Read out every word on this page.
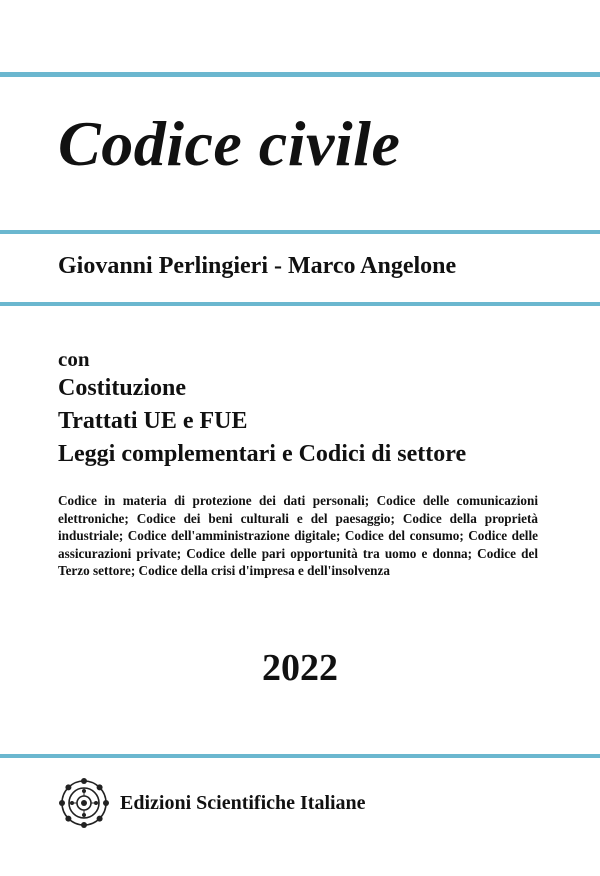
Codice civile
Giovanni Perlingieri - Marco Angelone
con
Costituzione
Trattati UE e FUE
Leggi complementari e Codici di settore
Codice in materia di protezione dei dati personali; Codice delle comunicazioni elettroniche; Codice dei beni culturali e del paesaggio; Codice della proprietà industriale; Codice dell'amministrazione digitale; Codice del consumo; Codice delle assicurazioni private; Codice delle pari opportunità tra uomo e donna; Codice del Terzo settore; Codice della crisi d'impresa e dell'insolvenza
2022
Edizioni Scientifiche Italiane
